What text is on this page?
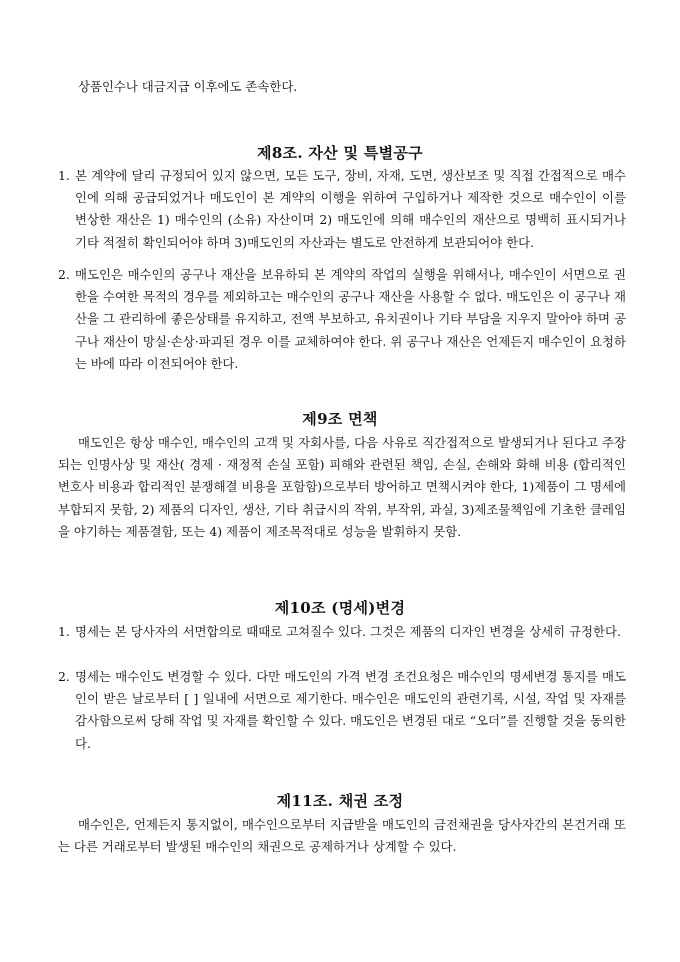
상품인수나 대금지급 이후에도 존속한다.

제8조. 자산 및 특별공구
1. 본 계약에 달리 규정되어 있지 않으면, 모든 도구, 장비, 자재, 도면, 생산보조 및 직접 간접적으로 매수인에 의해 공급되었거나 매도인이 본 계약의 이행을 위하여 구입하거나 제작한 것으로 매수인이 이를 변상한 재산은 1) 매수인의 (소유) 자산이며 2) 매도인에 의해 매수인의 재산으로 명백히 표시되거나 기타 적절히 확인되어야 하며 3)매도인의 자산과는 별도로 안전하게 보관되어야 한다.
2. 매도인은 매수인의 공구나 재산을 보유하되 본 계약의 작업의 실행을 위해서나, 매수인이 서면으로 권한을 수여한 목적의 경우를 제외하고는 매수인의 공구나 재산을 사용할 수 없다. 매도인은 이 공구나 재산을 그 관리하에 좋은상태를 유지하고, 전액 부보하고, 유치권이나 기타 부담을 지우지 말아야 하며 공구나 재산이 망실·손상·파괴된 경우 이를 교체하여야 한다. 위 공구나 재산은 언제든지 매수인이 요청하는 바에 따라 이전되어야 한다.
제9조 면책

매도인은 항상 매수인, 매수인의 고객 및 자회사를, 다음 사유로 직간접적으로 발생되거나 된다고 주장되는 인명사상 및 재산( 경제 · 재정적 손실 포함) 피해와 관련된 책임, 손실, 손해와 화해 비용 (합리적인 변호사 비용과 합리적인 분쟁해결 비용을 포함함)으로부터 방어하고 면책시켜야 한다, 1)제품이 그 명세에 부합되지 못함, 2) 제품의 디자인, 생산, 기타 취급시의 작위, 부작위, 과실, 3)제조물책임에 기초한 클레임을 야기하는 제품결함, 또는 4) 제품이 제조목적대로 성능을 발휘하지 못함.

제10조 (명세)변경
1. 명세는 본 당사자의 서면합의로 때때로 고쳐질수 있다. 그것은 제품의 디자인 변경을 상세히 규정한다.
2. 명세는 매수인도 변경할 수 있다. 다만 매도인의 가격 변경 조건요청은 매수인의 명세변경 통지를 매도인이 받은 날로부터 [ ] 일내에 서면으로 제기한다. 매수인은 매도인의 관련기록, 시설, 작업 및 자재를 감사함으로써 당해 작업 및 자재를 확인할 수 있다. 매도인은 변경된 대로 “오더”를 진행할 것을 동의한다.
제11조. 채권 조정

매수인은, 언제든지 통지없이, 매수인으로부터 지급받을 매도인의 금전채권을 당사자간의 본건거래 또는 다른 거래로부터 발생된 매수인의 채권으로 공제하거나 상계할 수 있다.
